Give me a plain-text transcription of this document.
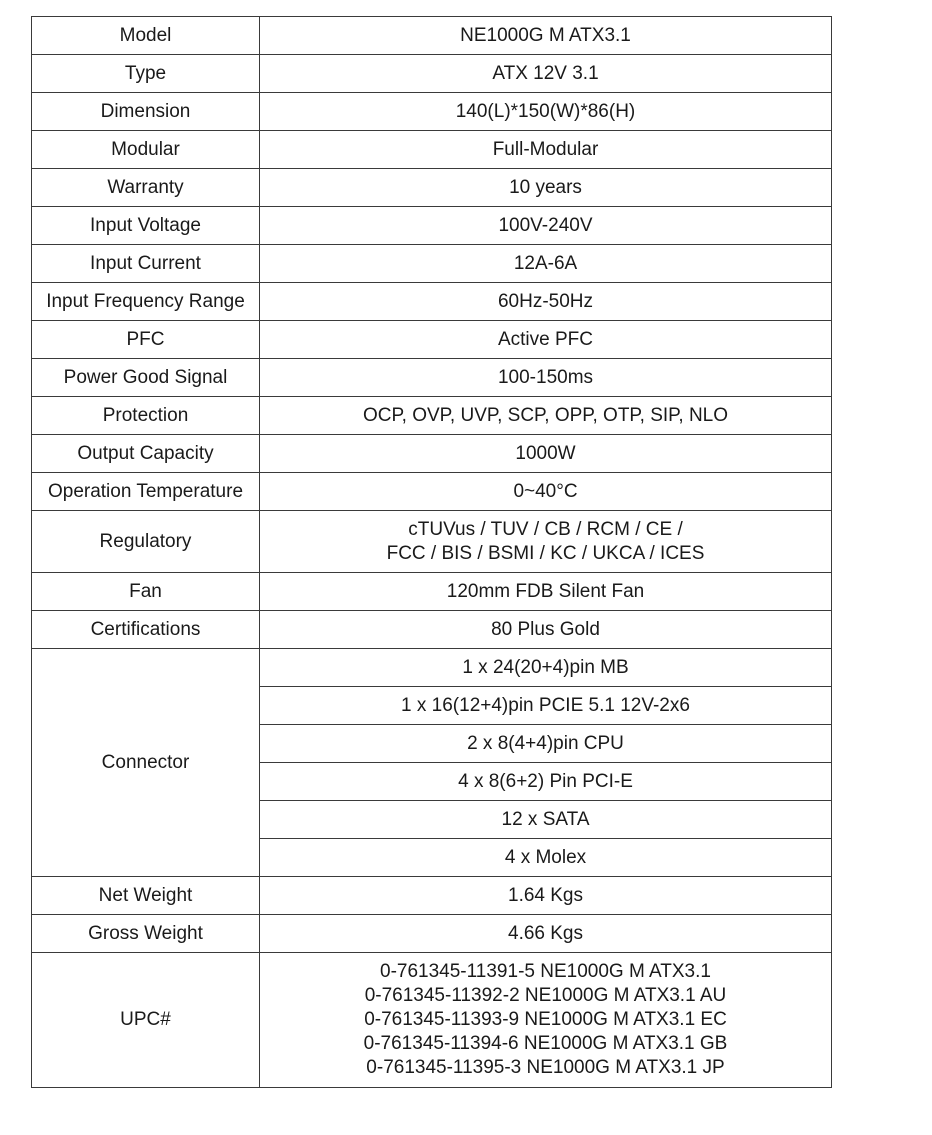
Model	NE1000G M ATX3.1
Type	ATX 12V 3.1
Dimension	140(L)*150(W)*86(H)
Modular	Full-Modular
Warranty	10 years
Input Voltage	100V-240V
Input Current	12A-6A
Input Frequency Range	60Hz-50Hz
PFC	Active PFC
Power Good Signal	100-150ms
Protection	OCP, OVP, UVP, SCP, OPP, OTP, SIP, NLO
Output Capacity	1000W
Operation Temperature	0~40°C
Regulatory	cTUVus / TUV / CB / RCM / CE /
FCC / BIS / BSMI / KC / UKCA / ICES

Fan	120mm FDB Silent Fan
Certifications	80 Plus Gold
Connector	1 x 24(20+4)pin MB
	1 x 16(12+4)pin PCIE 5.1 12V-2x6
	2 x 8(4+4)pin CPU
	4 x 8(6+2) Pin PCI-E
	12 x SATA
	4 x Molex
Net Weight	1.64 Kgs
Gross Weight	4.66 Kgs
UPC#	0-761345-11391-5 NE1000G M ATX3.1
0-761345-11392-2 NE1000G M ATX3.1 AU
0-761345-11393-9 NE1000G M ATX3.1 EC
0-761345-11394-6 NE1000G M ATX3.1 GB
0-761345-11395-3 NE1000G M ATX3.1 JP
